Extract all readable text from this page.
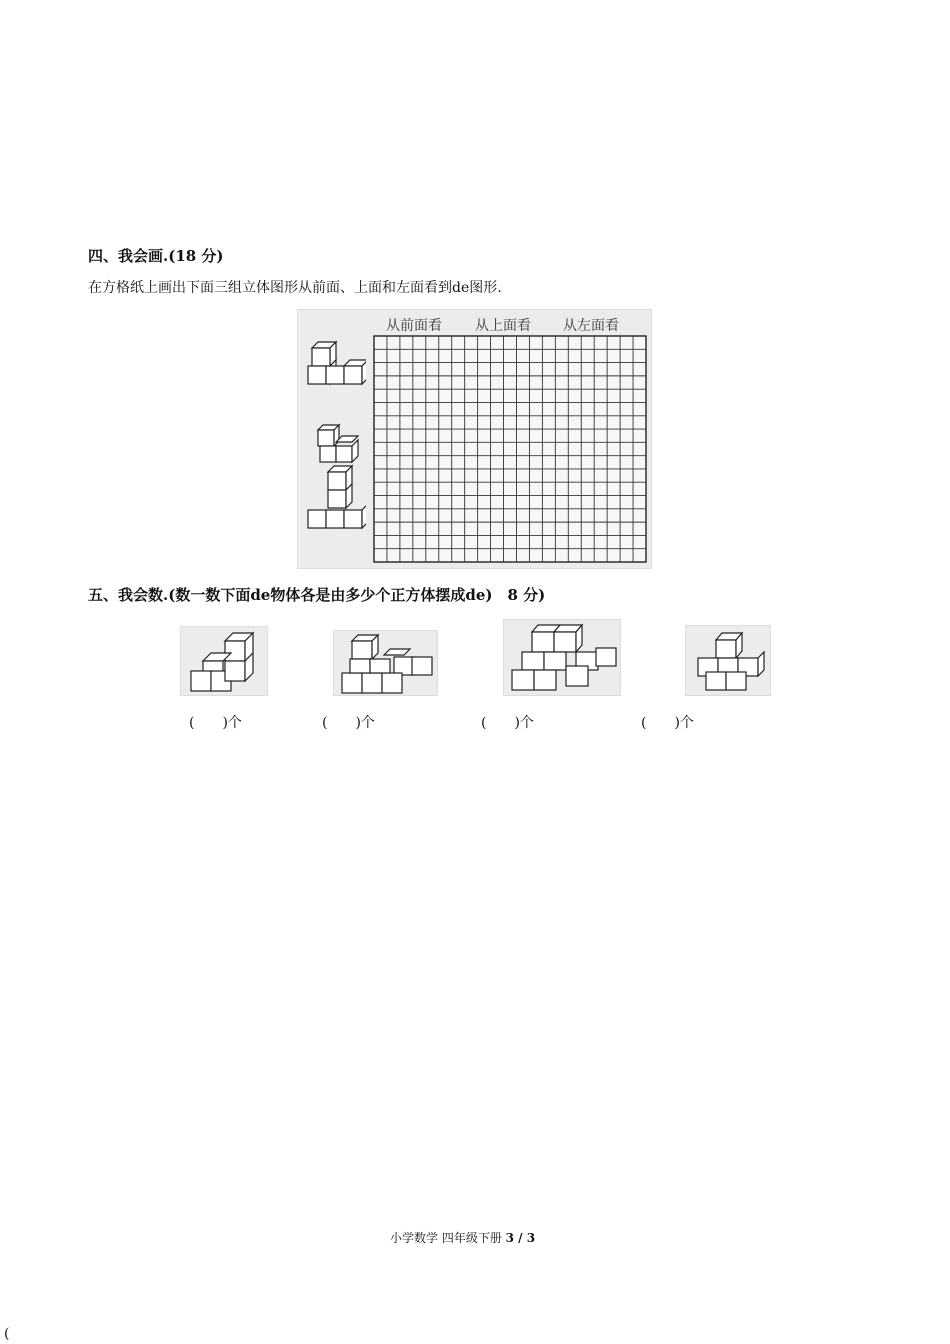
四、我会画.(18 分)
在方格纸上画出下面三组立体图形从前面、上面和左面看到de图形.
从前面看 从上面看 从左面看
五、我会数.(数一数下面de物体各是由多少个正方体摆成de)　8 分)
(　　)个	(　　)个	(　　)个	(　　)个
小学数学 四年级下册 3 / 3
(
